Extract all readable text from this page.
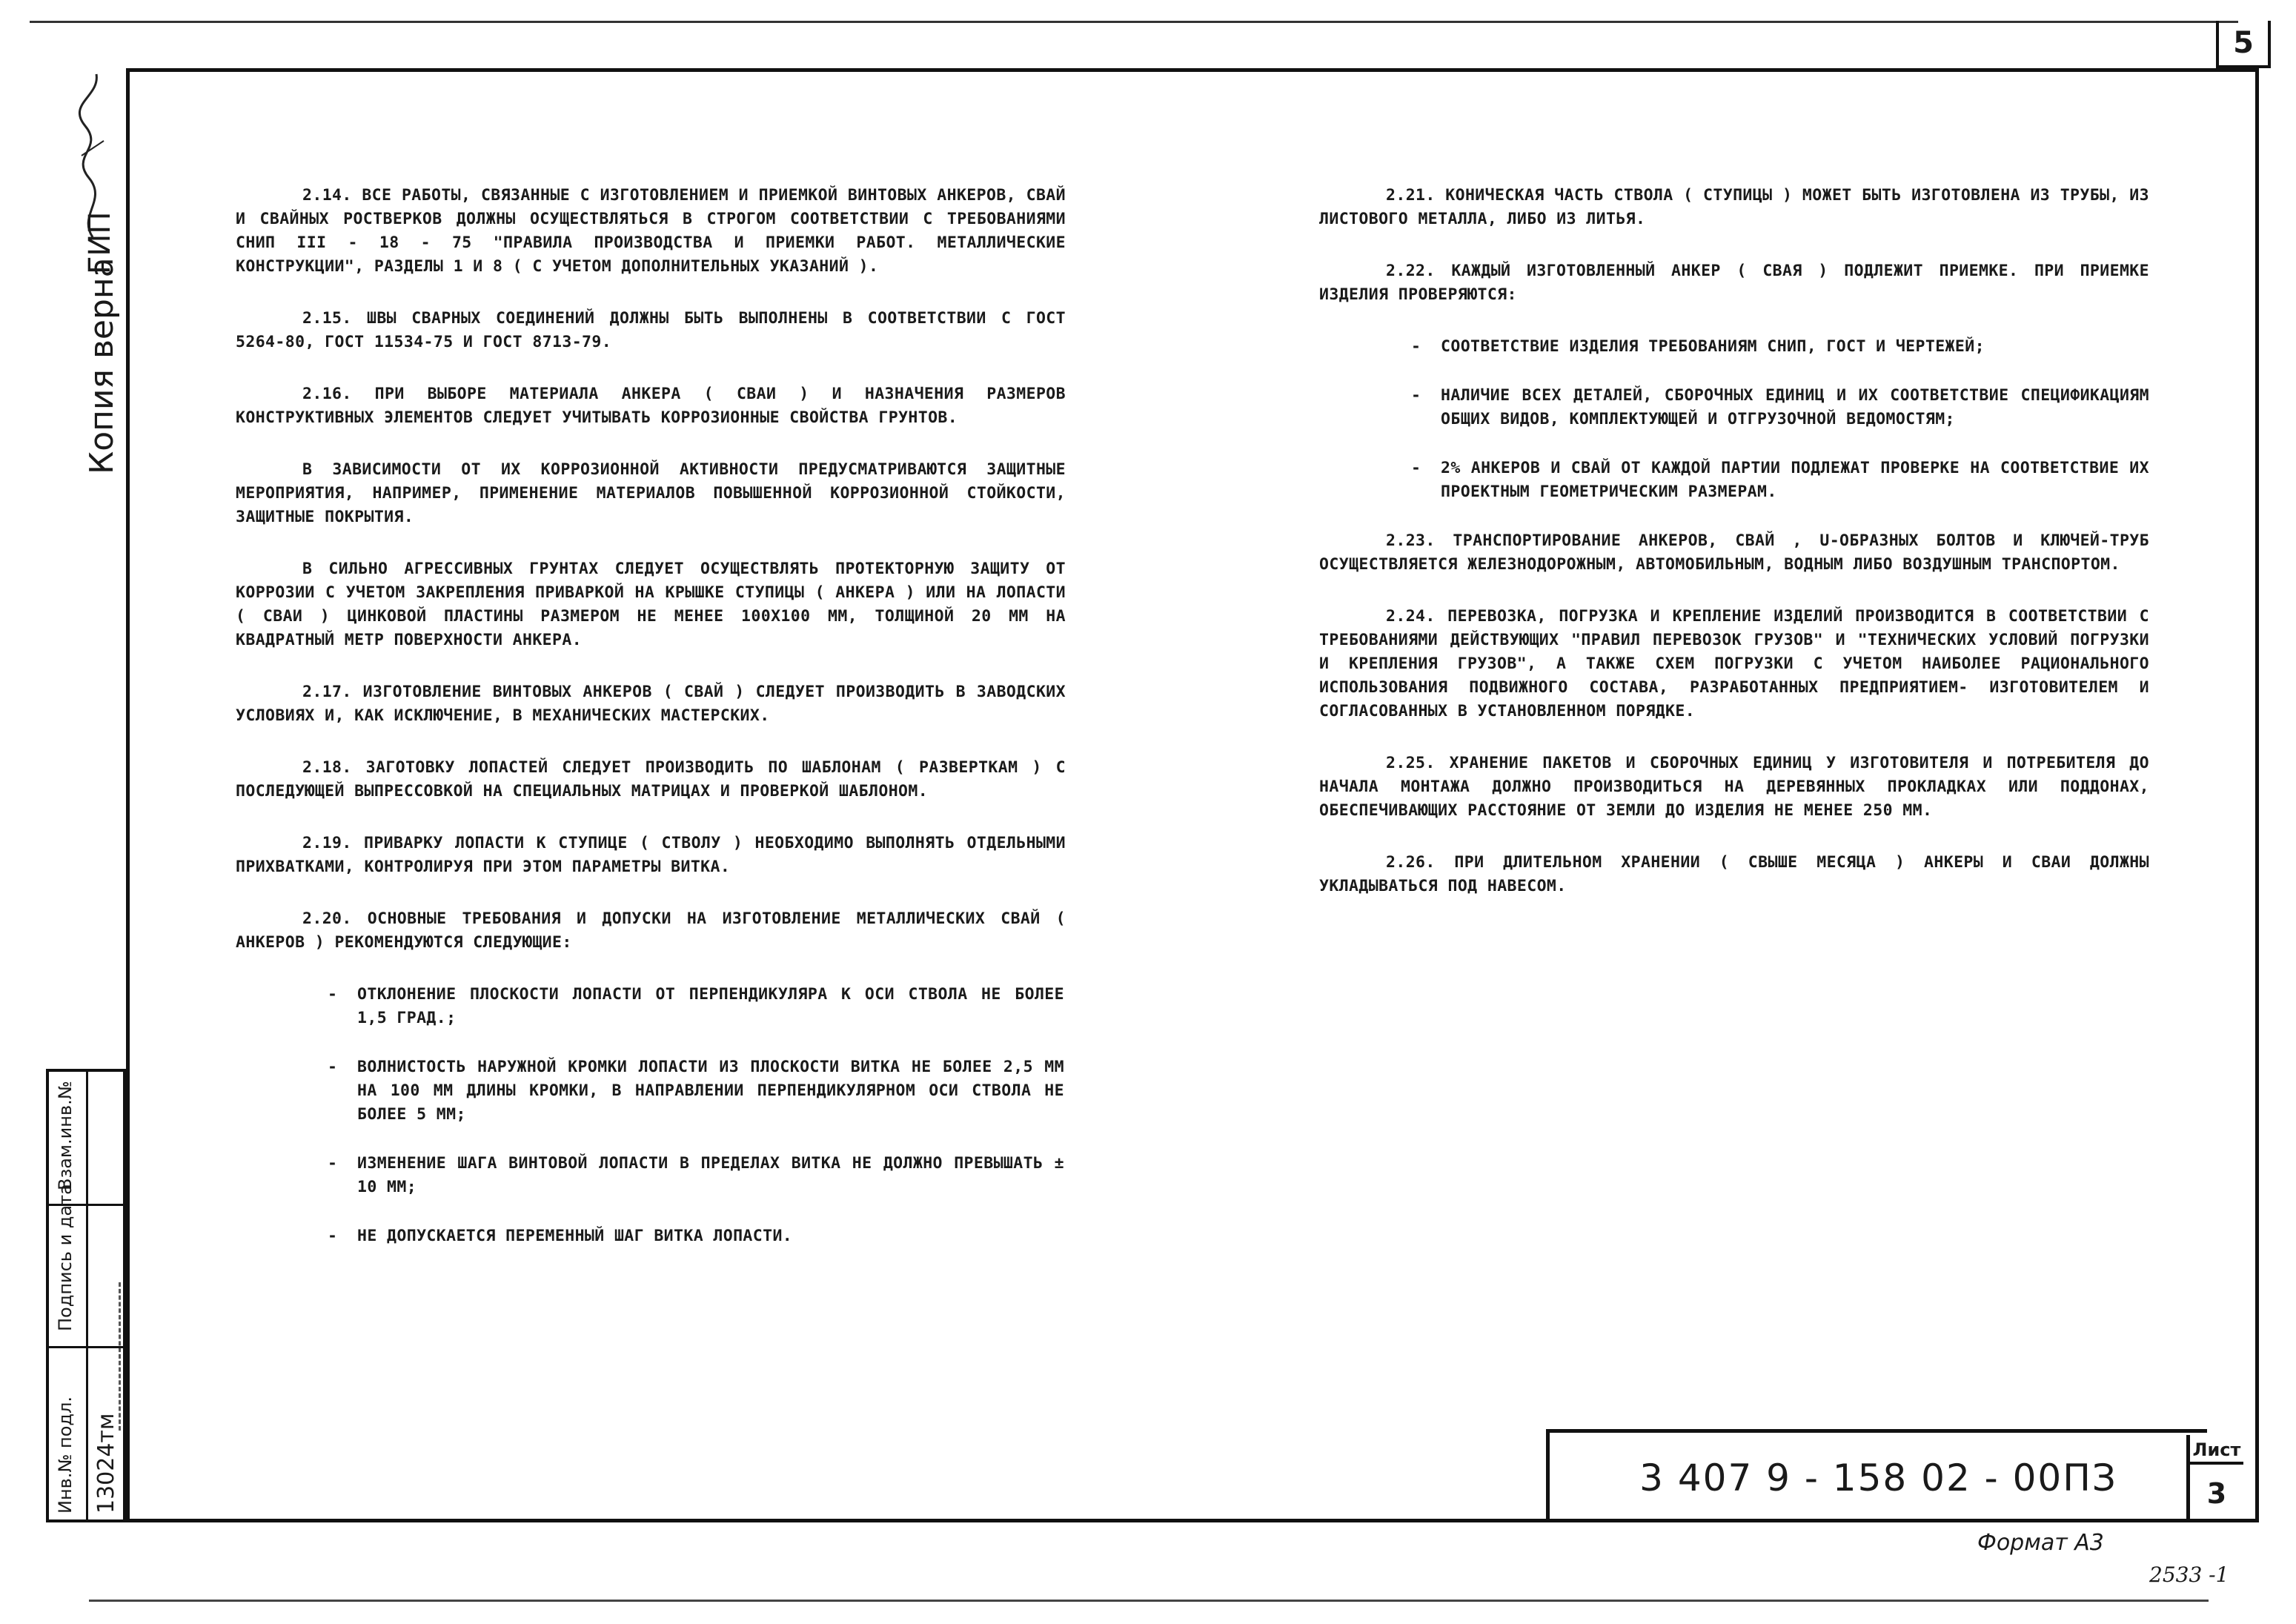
5
ГИП
Копия верна

2.14. ВСЕ РАБОТЫ, СВЯЗАННЫЕ С ИЗГОТОВЛЕНИЕМ И ПРИЕМКОЙ ВИНТОВЫХ АНКЕРОВ, СВАЙ И СВАЙНЫХ РОСТВЕРКОВ ДОЛЖНЫ ОСУЩЕСТВЛЯТЬСЯ В СТРОГОМ СООТВЕТСТВИИ С ТРЕБОВАНИЯМИ СНИП III - 18 - 75 "ПРАВИЛА ПРОИЗВОДСТВА И ПРИЕМКИ РАБОТ. МЕТАЛЛИЧЕСКИЕ КОНСТРУКЦИИ", РАЗДЕЛЫ 1 И 8 ( С УЧЕТОМ ДОПОЛНИТЕЛЬНЫХ УКАЗАНИЙ ).

2.15. ШВЫ СВАРНЫХ СОЕДИНЕНИЙ ДОЛЖНЫ БЫТЬ ВЫПОЛНЕНЫ В СООТВЕТСТВИИ С ГОСТ 5264-80, ГОСТ 11534-75 И ГОСТ 8713-79.

2.16. ПРИ ВЫБОРЕ МАТЕРИАЛА АНКЕРА ( СВАИ ) И НАЗНАЧЕНИЯ РАЗМЕРОВ КОНСТРУКТИВНЫХ ЭЛЕМЕНТОВ СЛЕДУЕТ УЧИТЫВАТЬ КОРРОЗИОННЫЕ СВОЙСТВА ГРУНТОВ.

В ЗАВИСИМОСТИ ОТ ИХ КОРРОЗИОННОЙ АКТИВНОСТИ ПРЕДУСМАТРИВАЮТСЯ ЗАЩИТНЫЕ МЕРОПРИЯТИЯ, НАПРИМЕР, ПРИМЕНЕНИЕ МАТЕРИАЛОВ ПОВЫШЕННОЙ КОРРОЗИОННОЙ СТОЙКОСТИ, ЗАЩИТНЫЕ ПОКРЫТИЯ.

В СИЛЬНО АГРЕССИВНЫХ ГРУНТАХ СЛЕДУЕТ ОСУЩЕСТВЛЯТЬ ПРОТЕКТОРНУЮ ЗАЩИТУ ОТ КОРРОЗИИ С УЧЕТОМ ЗАКРЕПЛЕНИЯ ПРИВАРКОЙ НА КРЫШКЕ СТУПИЦЫ ( АНКЕРА ) ИЛИ НА ЛОПАСТИ ( СВАИ ) ЦИНКОВОЙ ПЛАСТИНЫ РАЗМЕРОМ НЕ МЕНЕЕ 100Х100 ММ, ТОЛЩИНОЙ 20 ММ НА КВАДРАТНЫЙ МЕТР ПОВЕРХНОСТИ АНКЕРА.

2.17. ИЗГОТОВЛЕНИЕ ВИНТОВЫХ АНКЕРОВ ( СВАЙ ) СЛЕДУЕТ ПРОИЗВОДИТЬ В ЗАВОДСКИХ УСЛОВИЯХ И, КАК ИСКЛЮЧЕНИЕ, В МЕХАНИЧЕСКИХ МАСТЕРСКИХ.

2.18. ЗАГОТОВКУ ЛОПАСТЕЙ СЛЕДУЕТ ПРОИЗВОДИТЬ ПО ШАБЛОНАМ ( РАЗВЕРТКАМ ) С ПОСЛЕДУЮЩЕЙ ВЫПРЕССОВКОЙ НА СПЕЦИАЛЬНЫХ МАТРИЦАХ И ПРОВЕРКОЙ ШАБЛОНОМ.

2.19. ПРИВАРКУ ЛОПАСТИ К СТУПИЦЕ ( СТВОЛУ ) НЕОБХОДИМО ВЫПОЛНЯТЬ ОТДЕЛЬНЫМИ ПРИХВАТКАМИ, КОНТРОЛИРУЯ ПРИ ЭТОМ ПАРАМЕТРЫ ВИТКА.

2.20. ОСНОВНЫЕ ТРЕБОВАНИЯ И ДОПУСКИ НА ИЗГОТОВЛЕНИЕ МЕТАЛЛИЧЕСКИХ СВАЙ ( АНКЕРОВ ) РЕКОМЕНДУЮТСЯ СЛЕДУЮЩИЕ:

- ОТКЛОНЕНИЕ ПЛОСКОСТИ ЛОПАСТИ ОТ ПЕРПЕНДИКУЛЯРА К ОСИ СТВОЛА НЕ БОЛЕЕ 1,5 ГРАД.;

- ВОЛНИСТОСТЬ НАРУЖНОЙ КРОМКИ ЛОПАСТИ ИЗ ПЛОСКОСТИ ВИТКА НЕ БОЛЕЕ 2,5 ММ НА 100 ММ ДЛИНЫ КРОМКИ, В НАПРАВЛЕНИИ ПЕРПЕНДИКУЛЯРНОМ ОСИ СТВОЛА НЕ БОЛЕЕ 5 ММ;

- ИЗМЕНЕНИЕ ШАГА ВИНТОВОЙ ЛОПАСТИ В ПРЕДЕЛАХ ВИТКА НЕ ДОЛЖНО ПРЕВЫШАТЬ ± 10 ММ;

- НЕ ДОПУСКАЕТСЯ ПЕРЕМЕННЫЙ ШАГ ВИТКА ЛОПАСТИ.

2.21. КОНИЧЕСКАЯ ЧАСТЬ СТВОЛА ( СТУПИЦЫ ) МОЖЕТ БЫТЬ ИЗГОТОВЛЕНА ИЗ ТРУБЫ, ИЗ ЛИСТОВОГО МЕТАЛЛА, ЛИБО ИЗ ЛИТЬЯ.

2.22. КАЖДЫЙ ИЗГОТОВЛЕННЫЙ АНКЕР ( СВАЯ ) ПОДЛЕЖИТ ПРИЕМКЕ. ПРИ ПРИЕМКЕ ИЗДЕЛИЯ ПРОВЕРЯЮТСЯ:

- СООТВЕТСТВИЕ ИЗДЕЛИЯ ТРЕБОВАНИЯМ СНИП, ГОСТ И ЧЕРТЕЖЕЙ;

- НАЛИЧИЕ ВСЕХ ДЕТАЛЕЙ, СБОРОЧНЫХ ЕДИНИЦ И ИХ СООТВЕТСТВИЕ СПЕЦИФИКАЦИЯМ ОБЩИХ ВИДОВ, КОМПЛЕКТУЮЩЕЙ И ОТГРУЗОЧНОЙ ВЕДОМОСТЯМ;

- 2% АНКЕРОВ И СВАЙ ОТ КАЖДОЙ ПАРТИИ ПОДЛЕЖАТ ПРОВЕРКЕ НА СООТВЕТСТВИЕ ИХ ПРОЕКТНЫМ ГЕОМЕТРИЧЕСКИМ РАЗМЕРАМ.

2.23. ТРАНСПОРТИРОВАНИЕ АНКЕРОВ, СВАЙ , U-ОБРАЗНЫХ БОЛТОВ И КЛЮЧЕЙ-ТРУБ ОСУЩЕСТВЛЯЕТСЯ ЖЕЛЕЗНОДОРОЖНЫМ, АВТОМОБИЛЬНЫМ, ВОДНЫМ ЛИБО ВОЗДУШНЫМ ТРАНСПОРТОМ.

2.24. ПЕРЕВОЗКА, ПОГРУЗКА И КРЕПЛЕНИЕ ИЗДЕЛИЙ ПРОИЗВОДИТСЯ В СООТВЕТСТВИИ С ТРЕБОВАНИЯМИ ДЕЙСТВУЮЩИХ "ПРАВИЛ ПЕРЕВОЗОК ГРУЗОВ" И "ТЕХНИЧЕСКИХ УСЛОВИЙ ПОГРУЗКИ И КРЕПЛЕНИЯ ГРУЗОВ", А ТАКЖЕ СХЕМ ПОГРУЗКИ С УЧЕТОМ НАИБОЛЕЕ РАЦИОНАЛЬНОГО ИСПОЛЬЗОВАНИЯ ПОДВИЖНОГО СОСТАВА, РАЗРАБОТАННЫХ ПРЕДПРИЯТИЕМ- ИЗГОТОВИТЕЛЕМ И СОГЛАСОВАННЫХ В УСТАНОВЛЕННОМ ПОРЯДКЕ.

2.25. ХРАНЕНИЕ ПАКЕТОВ И СБОРОЧНЫХ ЕДИНИЦ У ИЗГОТОВИТЕЛЯ И ПОТРЕБИТЕЛЯ ДО НАЧАЛА МОНТАЖА ДОЛЖНО ПРОИЗВОДИТЬСЯ НА ДЕРЕВЯННЫХ ПРОКЛАДКАХ ИЛИ ПОДДОНАХ, ОБЕСПЕЧИВАЮЩИХ РАССТОЯНИЕ ОТ ЗЕМЛИ ДО ИЗДЕЛИЯ НЕ МЕНЕЕ 250 ММ.

2.26. ПРИ ДЛИТЕЛЬНОМ ХРАНЕНИИ ( СВЫШЕ МЕСЯЦА ) АНКЕРЫ И СВАИ ДОЛЖНЫ УКЛАДЫВАТЬСЯ ПОД НАВЕСОМ.

Взам.инв.№
Подпись и дата
Инв.№ подл. 13024тм	3 407 9 - 158 02 - 00ПЗ
Лист
3
Формат А3
2533 -1
